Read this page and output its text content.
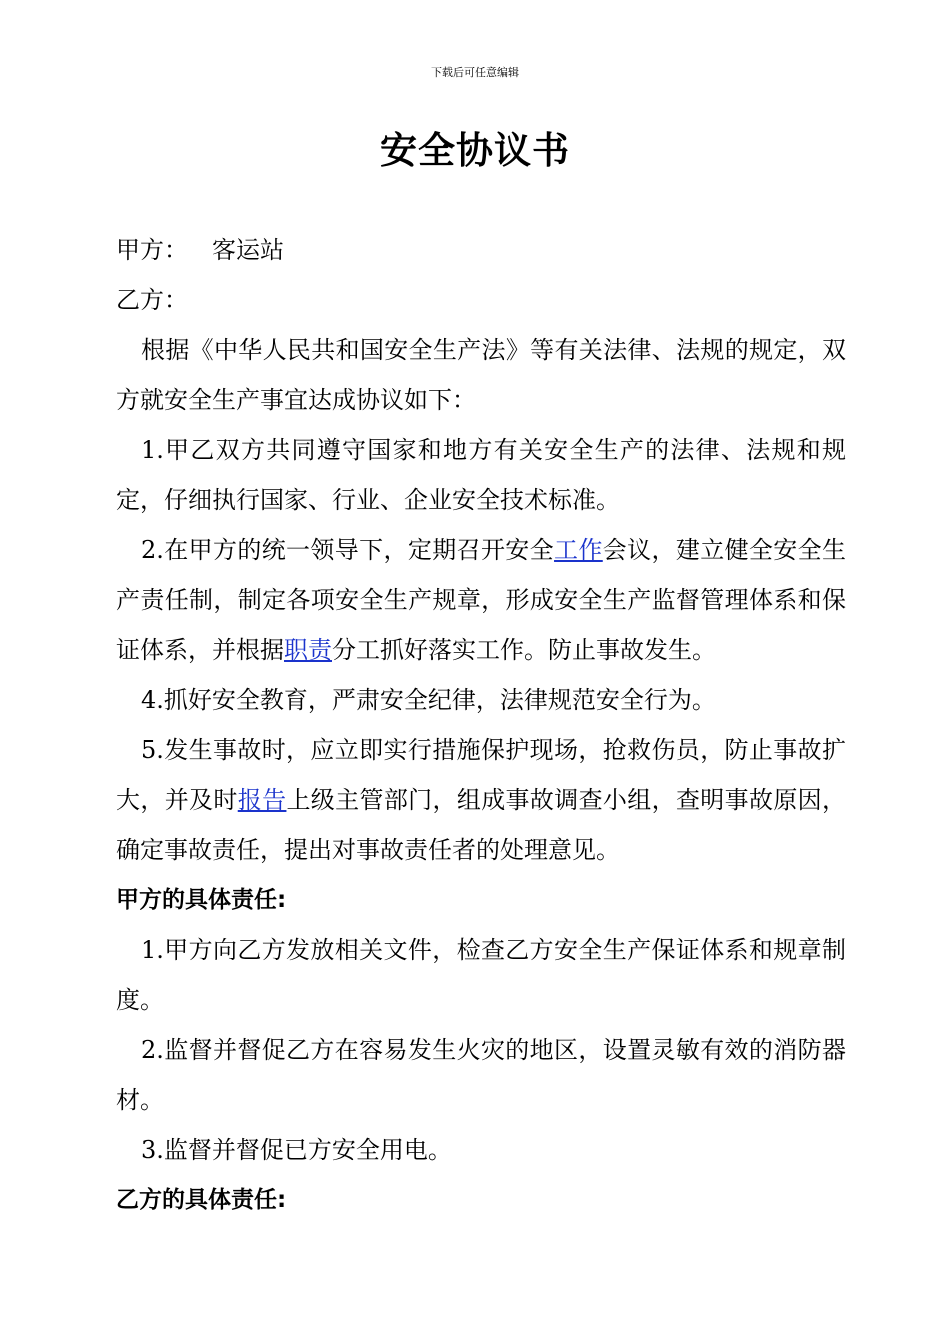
下载后可任意编辑
安全协议书

甲方： 客运站

乙方：

根据《中华人民共和国安全生产法》等有关法律、法规的规定，双方就安全生产事宜达成协议如下：

1.甲乙双方共同遵守国家和地方有关安全生产的法律、法规和规定，仔细执行国家、行业、企业安全技术标准。

2.在甲方的统一领导下，定期召开安全工作会议，建立健全安全生产责任制，制定各项安全生产规章，形成安全生产监督管理体系和保证体系，并根据职责分工抓好落实工作。防止事故发生。

4.抓好安全教育，严肃安全纪律，法律规范安全行为。

5.发生事故时，应立即实行措施保护现场，抢救伤员，防止事故扩大，并及时报告上级主管部门，组成事故调查小组，查明事故原因，确定事故责任，提出对事故责任者的处理意见。

甲方的具体责任:

1.甲方向乙方发放相关文件，检查乙方安全生产保证体系和规章制度。

2.监督并督促乙方在容易发生火灾的地区，设置灵敏有效的消防器材。

3.监督并督促已方安全用电。

乙方的具体责任:
